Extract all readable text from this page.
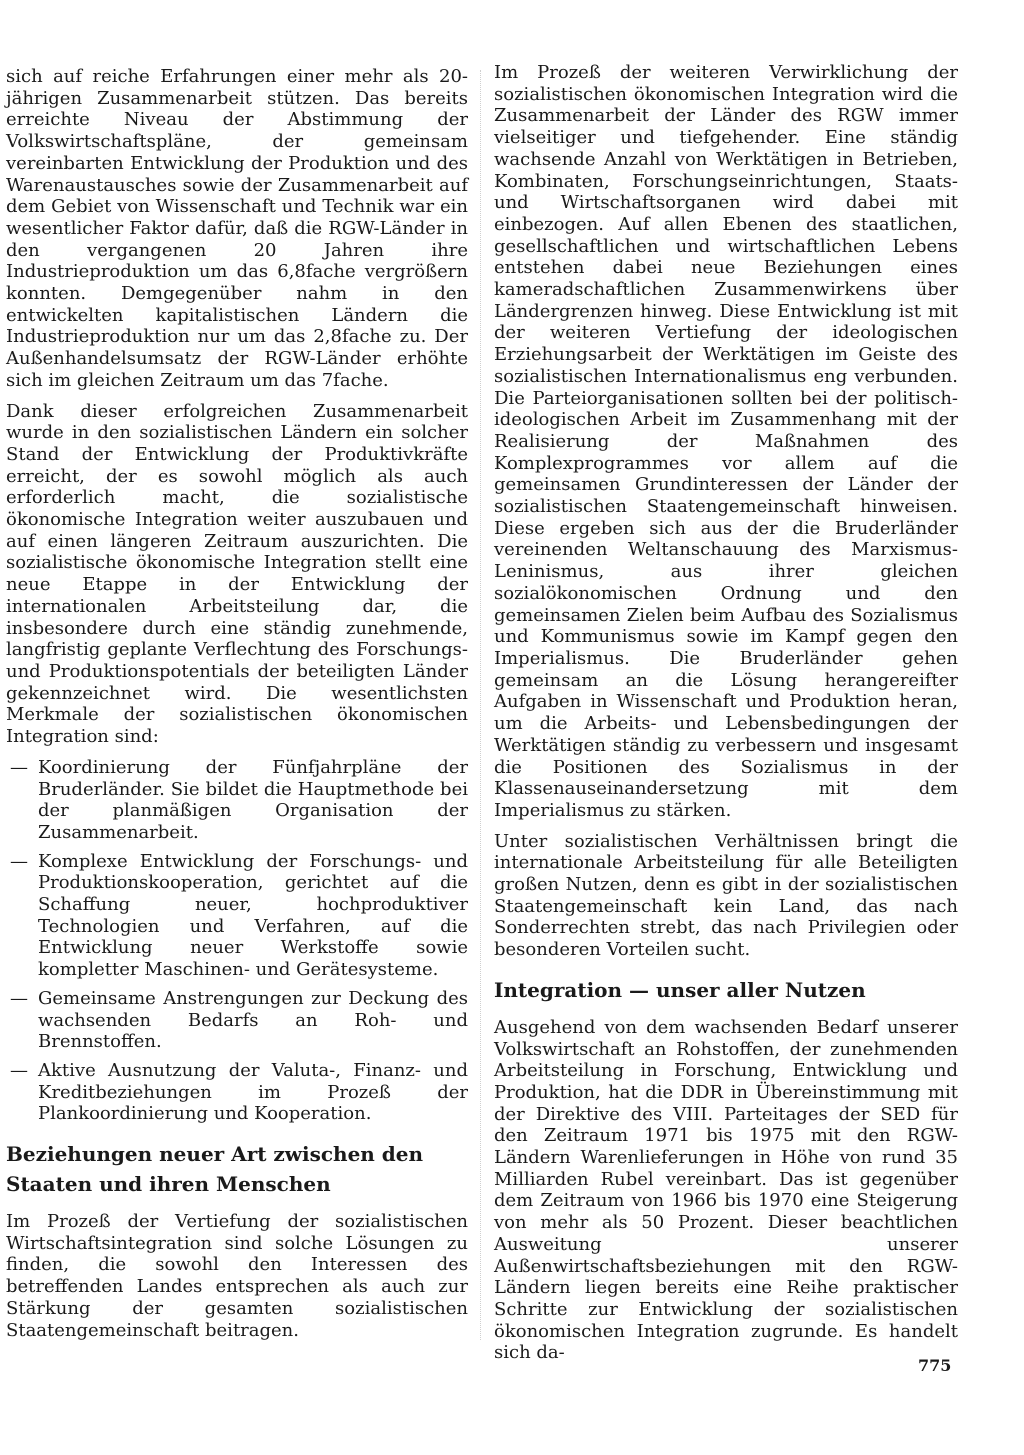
sich auf reiche Erfahrungen einer mehr als 20-jährigen Zusammenarbeit stützen. Das bereits erreichte Niveau der Abstimmung der Volkswirtschaftspläne, der gemeinsam vereinbarten Entwicklung der Produktion und des Warenaustausches sowie der Zusammenarbeit auf dem Gebiet von Wissenschaft und Technik war ein wesentlicher Faktor dafür, daß die RGW-Länder in den vergangenen 20 Jahren ihre Industrieproduktion um das 6,8fache vergrößern konnten. Demgegenüber nahm in den entwickelten kapitalistischen Ländern die Industrieproduktion nur um das 2,8fache zu. Der Außenhandelsumsatz der RGW-Länder erhöhte sich im gleichen Zeitraum um das 7fache.

Dank dieser erfolgreichen Zusammenarbeit wurde in den sozialistischen Ländern ein solcher Stand der Entwicklung der Produktivkräfte erreicht, der es sowohl möglich als auch erforderlich macht, die sozialistische ökonomische Integration weiter auszubauen und auf einen längeren Zeitraum auszurichten. Die sozialistische ökonomische Integration stellt eine neue Etappe in der Entwicklung der internationalen Arbeitsteilung dar, die insbesondere durch eine ständig zunehmende, langfristig geplante Verflechtung des Forschungs- und Produktionspotentials der beteiligten Länder gekennzeichnet wird. Die wesentlichsten Merkmale der sozialistischen ökonomischen Integration sind:

— Koordinierung der Fünfjahrpläne der Bruderländer. Sie bildet die Hauptmethode bei der planmäßigen Organisation der Zusammenarbeit.
— Komplexe Entwicklung der Forschungs- und Produktionskooperation, gerichtet auf die Schaffung neuer, hochproduktiver Technologien und Verfahren, auf die Entwicklung neuer Werkstoffe sowie kompletter Maschinen- und Gerätesysteme.
— Gemeinsame Anstrengungen zur Deckung des wachsenden Bedarfs an Roh- und Brennstoffen.
— Aktive Ausnutzung der Valuta-, Finanz- und Kreditbeziehungen im Prozeß der Plankoordinierung und Kooperation.
Beziehungen neuer Art zwischen den Staaten und ihren Menschen

Im Prozeß der Vertiefung der sozialistischen Wirtschaftsintegration sind solche Lösungen zu finden, die sowohl den Interessen des betreffenden Landes entsprechen als auch zur Stärkung der gesamten sozialistischen Staatengemeinschaft beitragen.

Im Prozeß der weiteren Verwirklichung der sozialistischen ökonomischen Integration wird die Zusammenarbeit der Länder des RGW immer vielseitiger und tiefgehender. Eine ständig wachsende Anzahl von Werktätigen in Betrieben, Kombinaten, Forschungseinrichtungen, Staats- und Wirtschaftsorganen wird dabei mit einbezogen. Auf allen Ebenen des staatlichen, gesellschaftlichen und wirtschaftlichen Lebens entstehen dabei neue Beziehungen eines kameradschaftlichen Zusammenwirkens über Ländergrenzen hinweg. Diese Entwicklung ist mit der weiteren Vertiefung der ideologischen Erziehungsarbeit der Werktätigen im Geiste des sozialistischen Internationalismus eng verbunden. Die Parteiorganisationen sollten bei der politisch-ideologischen Arbeit im Zusammenhang mit der Realisierung der Maßnahmen des Komplexprogrammes vor allem auf die gemeinsamen Grundinteressen der Länder der sozialistischen Staatengemeinschaft hinweisen. Diese ergeben sich aus der die Bruderländer vereinenden Weltanschauung des Marxismus-Leninismus, aus ihrer gleichen sozialökonomischen Ordnung und den gemeinsamen Zielen beim Aufbau des Sozialismus und Kommunismus sowie im Kampf gegen den Imperialismus. Die Bruderländer gehen gemeinsam an die Lösung herangereifter Aufgaben in Wissenschaft und Produktion heran, um die Arbeits- und Lebensbedingungen der Werktätigen ständig zu verbessern und insgesamt die Positionen des Sozialismus in der Klassenauseinandersetzung mit dem Imperialismus zu stärken.

Unter sozialistischen Verhältnissen bringt die internationale Arbeitsteilung für alle Beteiligten großen Nutzen, denn es gibt in der sozialistischen Staatengemeinschaft kein Land, das nach Sonderrechten strebt, das nach Privilegien oder besonderen Vorteilen sucht.

Integration — unser aller Nutzen

Ausgehend von dem wachsenden Bedarf unserer Volkswirtschaft an Rohstoffen, der zunehmenden Arbeitsteilung in Forschung, Entwicklung und Produktion, hat die DDR in Übereinstimmung mit der Direktive des VIII. Parteitages der SED für den Zeitraum 1971 bis 1975 mit den RGW-Ländern Warenlieferungen in Höhe von rund 35 Milliarden Rubel vereinbart. Das ist gegenüber dem Zeitraum von 1966 bis 1970 eine Steigerung von mehr als 50 Prozent. Dieser beachtlichen Ausweitung unserer Außenwirtschaftsbeziehungen mit den RGW-Ländern liegen bereits eine Reihe praktischer Schritte zur Entwicklung der sozialistischen ökonomischen Integration zugrunde. Es handelt sich da-

775
